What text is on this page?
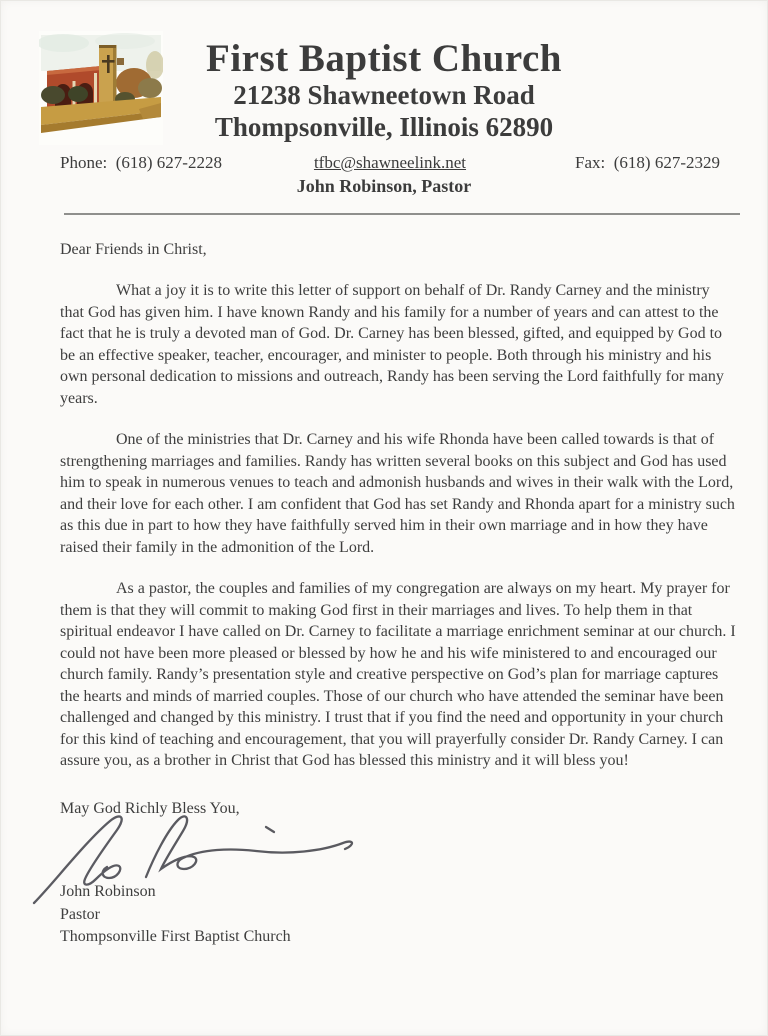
First Baptist Church
21238 Shawneetown Road
Thompsonville, Illinois 62890
Phone:  (618) 627-2228	tfbc@shawneelink.net	Fax:  (618) 627-2329
John Robinson, Pastor

Dear Friends in Christ,

What a joy it is to write this letter of support on behalf of Dr. Randy Carney and the ministry that God has given him. I have known Randy and his family for a number of years and can attest to the fact that he is truly a devoted man of God. Dr. Carney has been blessed, gifted, and equipped by God to be an effective speaker, teacher, encourager, and minister to people. Both through his ministry and his own personal dedication to missions and outreach, Randy has been serving the Lord faithfully for many years.

One of the ministries that Dr. Carney and his wife Rhonda have been called towards is that of strengthening marriages and families. Randy has written several books on this subject and God has used him to speak in numerous venues to teach and admonish husbands and wives in their walk with the Lord, and their love for each other. I am confident that God has set Randy and Rhonda apart for a ministry such as this due in part to how they have faithfully served him in their own marriage and in how they have raised their family in the admonition of the Lord.

As a pastor, the couples and families of my congregation are always on my heart. My prayer for them is that they will commit to making God first in their marriages and lives. To help them in that spiritual endeavor I have called on Dr. Carney to facilitate a marriage enrichment seminar at our church. I could not have been more pleased or blessed by how he and his wife ministered to and encouraged our church family. Randy’s presentation style and creative perspective on God’s plan for marriage captures the hearts and minds of married couples. Those of our church who have attended the seminar have been challenged and changed by this ministry. I trust that if you find the need and opportunity in your church for this kind of teaching and encouragement, that you will prayerfully consider Dr. Randy Carney. I can assure you, as a brother in Christ that God has blessed this ministry and it will bless you!

May God Richly Bless You,

John Robinson
Pastor
Thompsonville First Baptist Church
